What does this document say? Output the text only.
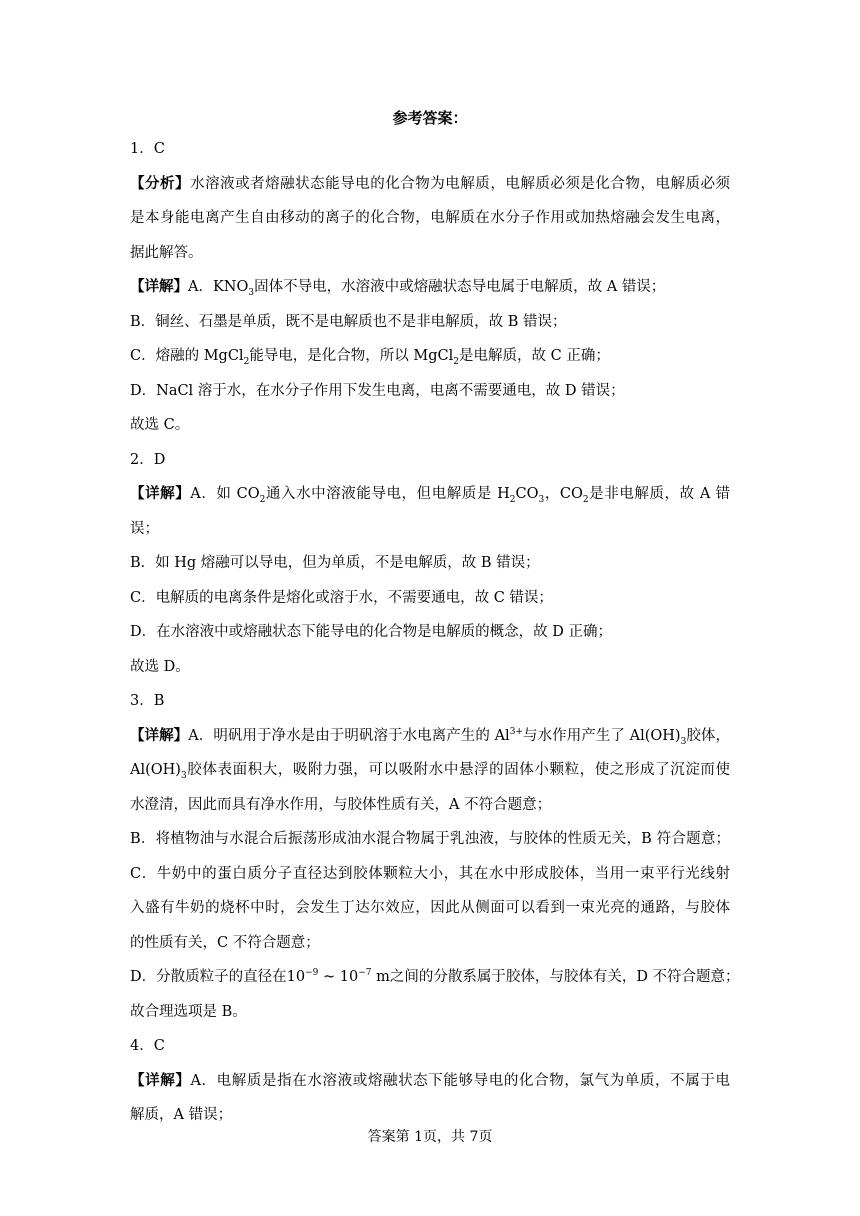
参考答案：
1．C
【分析】水溶液或者熔融状态能导电的化合物为电解质，电解质必须是化合物，电解质必须
是本身能电离产生自由移动的离子的化合物，电解质在水分子作用或加热熔融会发生电离，
据此解答。
【详解】A．$KNO_3$固体不导电，水溶液中或熔融状态导电属于电解质，故 A 错误；
B．铜丝、石墨是单质，既不是电解质也不是非电解质，故 B 错误；
C．熔融的 MgCl$_2$能导电，是化合物，所以 MgCl$_2$是电解质，故 C 正确；
D．NaCl 溶于水，在水分子作用下发生电离，电离不需要通电，故 D 错误；
故选 C。
2．D
【详解】A．如 $CO_2$通入水中溶液能导电，但电解质是 $H_2CO_3$，$CO_2$是非电解质，故 A 错
误；
B．如 Hg 熔融可以导电，但为单质，不是电解质，故 B 错误；
C．电解质的电离条件是熔化或溶于水，不需要通电，故 C 错误；
D．在水溶液中或熔融状态下能导电的化合物是电解质的概念，故 D 正确；
故选 D。
3．B
【详解】A．明矾用于净水是由于明矾溶于水电离产生的 $Al^{3+}$与水作用产生了 $Al(OH)_3$胶体，
$Al(OH)_3$胶体表面积大，吸附力强，可以吸附水中悬浮的固体小颗粒，使之形成了沉淀而使
水澄清，因此而具有净水作用，与胶体性质有关，A 不符合题意；
B．将植物油与水混合后振荡形成油水混合物属于乳浊液，与胶体的性质无关，B 符合题意；
C．牛奶中的蛋白质分子直径达到胶体颗粒大小，其在水中形成胶体，当用一束平行光线射
入盛有牛奶的烧杯中时，会发生丁达尔效应，因此从侧面可以看到一束光亮的通路，与胶体
的性质有关，C 不符合题意；
D．分散质粒子的直径在$10^{-9}$ ~ $10^{-7}$ m之间的分散系属于胶体，与胶体有关，D 不符合题意；
故合理选项是 B。
4．C
【详解】A．电解质是指在水溶液或熔融状态下能够导电的化合物，氯气为单质，不属于电
解质，A 错误；
答案第 1页，共 7页
